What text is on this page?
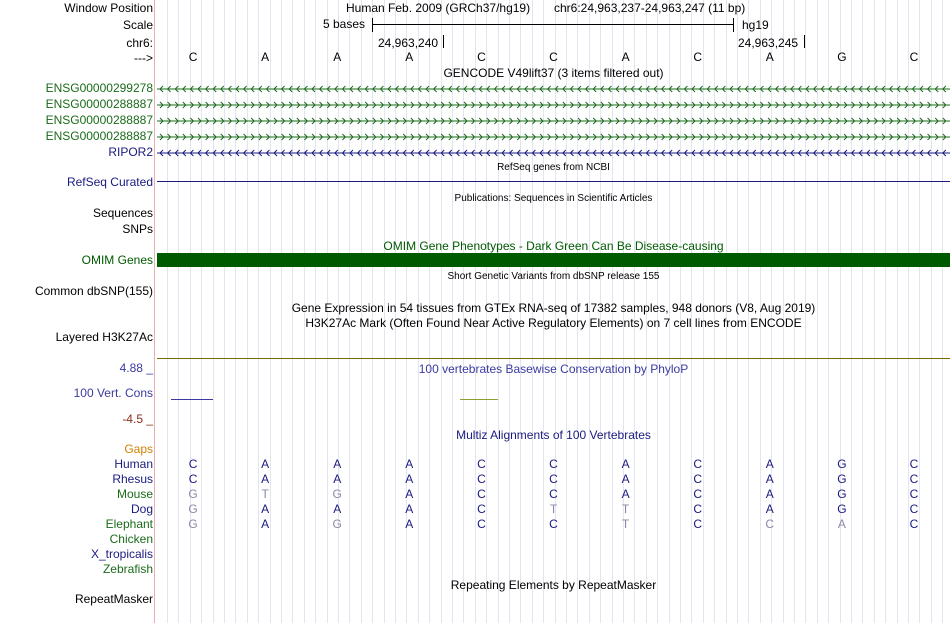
Window Position	Human Feb. 2009 (GRCh37/hg19) chr6:24,963,237-24,963,247 (11 bp)
Scale	5 bases	hg19
chr6:	24,963,240	24,963,245
--->	C	A	A	A	C	C	A	C	A	G	C
GENCODE V49lift37 (3 items filtered out)
ENSG00000299278
ENSG00000288887
ENSG00000288887
ENSG00000288887
RIPOR2
RefSeq genes from NCBI
RefSeq Curated
Publications: Sequences in Scientific Articles
Sequences
SNPs
OMIM Gene Phenotypes - Dark Green Can Be Disease-causing
OMIM Genes
Short Genetic Variants from dbSNP release 155
Common dbSNP(155)
Gene Expression in 54 tissues from GTEx RNA-seq of 17382 samples, 948 donors (V8, Aug 2019)
H3K27Ac Mark (Often Found Near Active Regulatory Elements) on 7 cell lines from ENCODE
Layered H3K27Ac
100 vertebrates Basewise Conservation by PhyloP
4.88 _
100 Vert. Cons
-4.5 _
Multiz Alignments of 100 Vertebrates
Gaps
Human	C	A	A	A	C	C	A	C	A	G	C
Rhesus	C	A	A	A	C	C	A	C	A	G	C
Mouse	G	T	G	A	C	C	A	C	A	G	C
Dog	G	A	A	A	C	T	T	C	A	G	C
Elephant	G	A	G	A	C	C	T	C	C	A	C
Chicken
X_tropicalis
Zebrafish
Repeating Elements by RepeatMasker
RepeatMasker
